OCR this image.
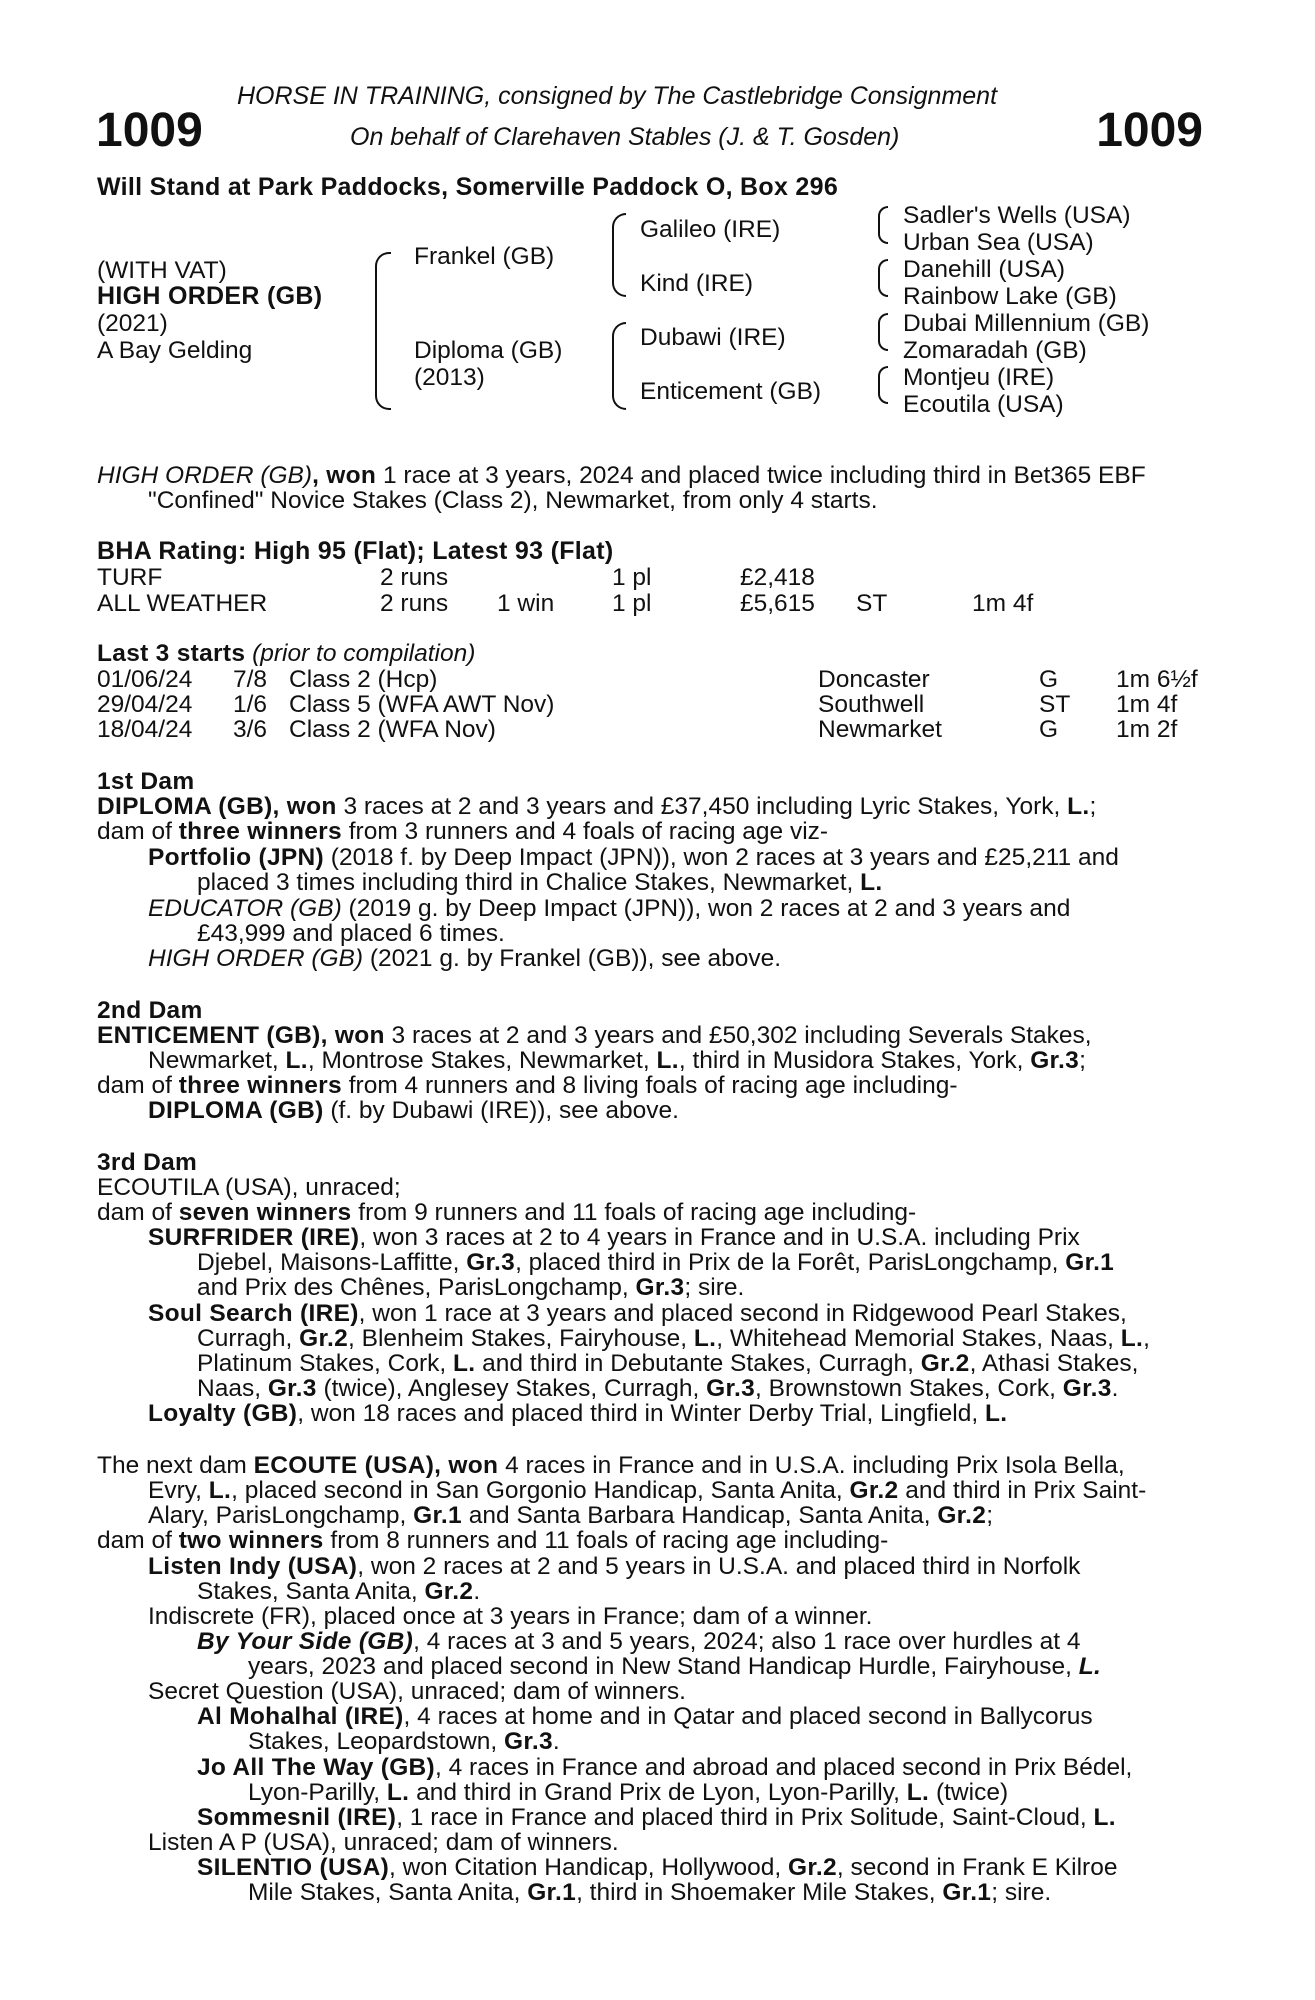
1009	1009
HORSE IN TRAINING, consigned by The Castlebridge Consignment
On behalf of Clarehaven Stables (J. & T. Gosden)
Will Stand at Park Paddocks, Somerville Paddock O, Box 296
(WITH VAT)
HIGH ORDER (GB)
(2021)
A Bay Gelding
Frankel (GB)
Diploma (GB)
(2013)
Galileo (IRE)
Kind (IRE)
Dubawi (IRE)
Enticement (GB)
Sadler's Wells (USA)
Urban Sea (USA)
Danehill (USA)
Rainbow Lake (GB)
Dubai Millennium (GB)
Zomaradah (GB)
Montjeu (IRE)
Ecoutila (USA)
HIGH ORDER (GB), won 1 race at 3 years, 2024 and placed twice including third in Bet365 EBF
"Confined" Novice Stakes (Class 2), Newmarket, from only 4 starts.
BHA Rating: High 95 (Flat); Latest 93 (Flat)
TURF	2 runs	1 pl	£2,418
ALL WEATHER	2 runs 1 win 1 pl	£5,615 ST	1m 4f
Last 3 starts (prior to compilation)
01/06/24 7/8 Class 2 (Hcp)	Doncaster	G 1m 6½f
29/04/24 1/6 Class 5 (WFA AWT Nov)	Southwell	ST 1m 4f
18/04/24 3/6 Class 2 (WFA Nov)	Newmarket	G 1m 2f
1st Dam
DIPLOMA (GB), won 3 races at 2 and 3 years and £37,450 including Lyric Stakes, York, L.;
dam of three winners from 3 runners and 4 foals of racing age viz-
Portfolio (JPN) (2018 f. by Deep Impact (JPN)), won 2 races at 3 years and £25,211 and
placed 3 times including third in Chalice Stakes, Newmarket, L.
EDUCATOR (GB) (2019 g. by Deep Impact (JPN)), won 2 races at 2 and 3 years and
£43,999 and placed 6 times.
HIGH ORDER (GB) (2021 g. by Frankel (GB)), see above.
2nd Dam
ENTICEMENT (GB), won 3 races at 2 and 3 years and £50,302 including Severals Stakes,
Newmarket, L., Montrose Stakes, Newmarket, L., third in Musidora Stakes, York, Gr.3;
dam of three winners from 4 runners and 8 living foals of racing age including-
DIPLOMA (GB) (f. by Dubawi (IRE)), see above.
3rd Dam
ECOUTILA (USA), unraced;
dam of seven winners from 9 runners and 11 foals of racing age including-
SURFRIDER (IRE), won 3 races at 2 to 4 years in France and in U.S.A. including Prix
Djebel, Maisons-Laffitte, Gr.3, placed third in Prix de la Forêt, ParisLongchamp, Gr.1
and Prix des Chênes, ParisLongchamp, Gr.3; sire.
Soul Search (IRE), won 1 race at 3 years and placed second in Ridgewood Pearl Stakes,
Curragh, Gr.2, Blenheim Stakes, Fairyhouse, L., Whitehead Memorial Stakes, Naas, L.,
Platinum Stakes, Cork, L. and third in Debutante Stakes, Curragh, Gr.2, Athasi Stakes,
Naas, Gr.3 (twice), Anglesey Stakes, Curragh, Gr.3, Brownstown Stakes, Cork, Gr.3.
Loyalty (GB), won 18 races and placed third in Winter Derby Trial, Lingfield, L.
The next dam ECOUTE (USA), won 4 races in France and in U.S.A. including Prix Isola Bella,
Evry, L., placed second in San Gorgonio Handicap, Santa Anita, Gr.2 and third in Prix Saint-
Alary, ParisLongchamp, Gr.1 and Santa Barbara Handicap, Santa Anita, Gr.2;
dam of two winners from 8 runners and 11 foals of racing age including-
Listen Indy (USA), won 2 races at 2 and 5 years in U.S.A. and placed third in Norfolk
Stakes, Santa Anita, Gr.2.
Indiscrete (FR), placed once at 3 years in France; dam of a winner.
By Your Side (GB), 4 races at 3 and 5 years, 2024; also 1 race over hurdles at 4
years, 2023 and placed second in New Stand Handicap Hurdle, Fairyhouse, L.
Secret Question (USA), unraced; dam of winners.
Al Mohalhal (IRE), 4 races at home and in Qatar and placed second in Ballycorus
Stakes, Leopardstown, Gr.3.
Jo All The Way (GB), 4 races in France and abroad and placed second in Prix Bédel,
Lyon-Parilly, L. and third in Grand Prix de Lyon, Lyon-Parilly, L. (twice)
Sommesnil (IRE), 1 race in France and placed third in Prix Solitude, Saint-Cloud, L.
Listen A P (USA), unraced; dam of winners.
SILENTIO (USA), won Citation Handicap, Hollywood, Gr.2, second in Frank E Kilroe
Mile Stakes, Santa Anita, Gr.1, third in Shoemaker Mile Stakes, Gr.1; sire.
